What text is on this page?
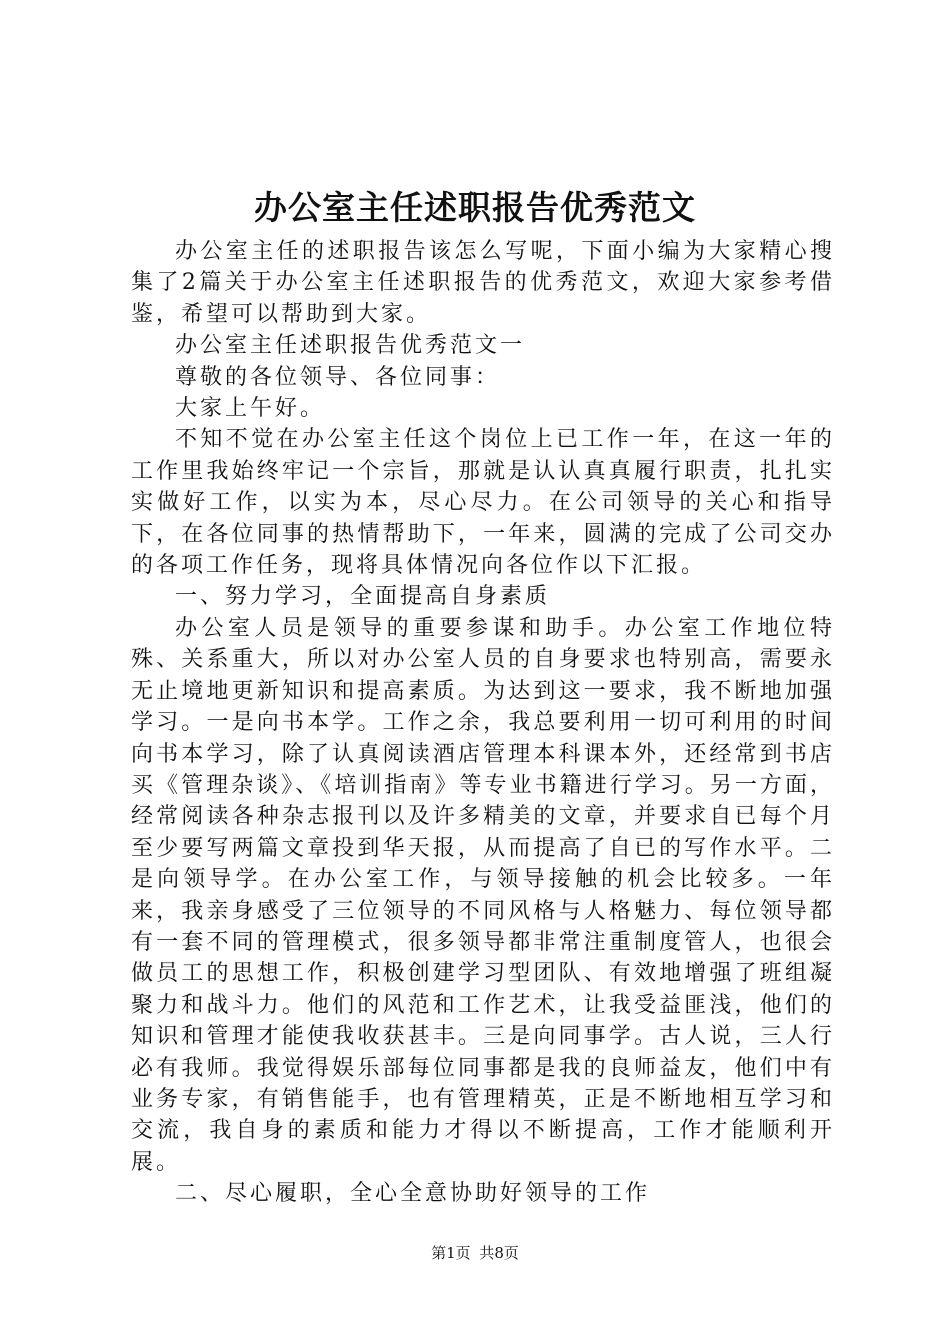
办公室主任述职报告优秀范文

办公室主任的述职报告该怎么写呢，下面小编为大家精心搜集了2篇关于办公室主任述职报告的优秀范文，欢迎大家参考借鉴，希望可以帮助到大家。

办公室主任述职报告优秀范文一

尊敬的各位领导、各位同事：

大家上午好。

不知不觉在办公室主任这个岗位上已工作一年，在这一年的工作里我始终牢记一个宗旨，那就是认认真真履行职责，扎扎实实做好工作，以实为本，尽心尽力。在公司领导的关心和指导下，在各位同事的热情帮助下，一年来，圆满的完成了公司交办的各项工作任务，现将具体情况向各位作以下汇报。

一、努力学习，全面提高自身素质

办公室人员是领导的重要参谋和助手。办公室工作地位特殊、关系重大，所以对办公室人员的自身要求也特别高，需要永无止境地更新知识和提高素质。为达到这一要求，我不断地加强学习。一是向书本学。工作之余，我总要利用一切可利用的时间向书本学习，除了认真阅读酒店管理本科课本外，还经常到书店买《管理杂谈》、《培训指南》等专业书籍进行学习。另一方面，经常阅读各种杂志报刊以及许多精美的文章，并要求自已每个月至少要写两篇文章投到华天报，从而提高了自已的写作水平。二是向领导学。在办公室工作，与领导接触的机会比较多。一年来，我亲身感受了三位领导的不同风格与人格魅力、每位领导都有一套不同的管理模式，很多领导都非常注重制度管人，也很会做员工的思想工作，积极创建学习型团队、有效地增强了班组凝聚力和战斗力。他们的风范和工作艺术，让我受益匪浅，他们的知识和管理才能使我收获甚丰。三是向同事学。古人说，三人行必有我师。我觉得娱乐部每位同事都是我的良师益友，他们中有业务专家，有销售能手，也有管理精英，正是不断地相互学习和交流，我自身的素质和能力才得以不断提高，工作才能顺利开展。

二、尽心履职，全心全意协助好领导的工作

第1页 共8页
